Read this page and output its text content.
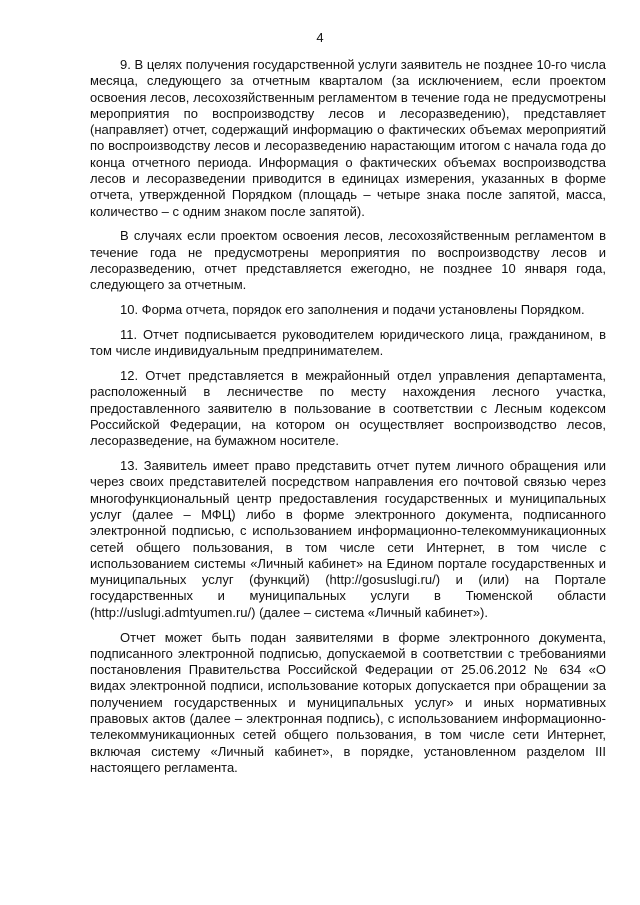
4

9. В целях получения государственной услуги заявитель не позднее 10-го числа месяца, следующего за отчетным кварталом (за исключением, если проектом освоения лесов, лесохозяйственным регламентом в течение года не предусмотрены мероприятия по воспроизводству лесов и лесоразведению), представляет (направляет) отчет, содержащий информацию о фактических объемах мероприятий по воспроизводству лесов и лесоразведению нарастающим итогом с начала года до конца отчетного периода. Информация о фактических объемах воспроизводства лесов и лесоразведении приводится в единицах измерения, указанных в форме отчета, утвержденной Порядком (площадь – четыре знака после запятой, масса, количество – с одним знаком после запятой).

В случаях если проектом освоения лесов, лесохозяйственным регламентом в течение года не предусмотрены мероприятия по воспроизводству лесов и лесоразведению, отчет представляется ежегодно, не позднее 10 января года, следующего за отчетным.

10. Форма отчета, порядок его заполнения и подачи установлены Порядком.

11. Отчет подписывается руководителем юридического лица, гражданином, в том числе индивидуальным предпринимателем.

12. Отчет представляется в межрайонный отдел управления департамента, расположенный в лесничестве по месту нахождения лесного участка, предоставленного заявителю в пользование в соответствии с Лесным кодексом Российской Федерации, на котором он осуществляет воспроизводство лесов, лесоразведение, на бумажном носителе.

13. Заявитель имеет право представить отчет путем личного обращения или через своих представителей посредством направления его почтовой связью через многофункциональный центр предоставления государственных и муниципальных услуг (далее – МФЦ) либо в форме электронного документа, подписанного электронной подписью, с использованием информационно-телекоммуникационных сетей общего пользования, в том числе сети Интернет, в том числе с использованием системы «Личный кабинет» на Едином портале государственных и муниципальных услуг (функций) (http://gosuslugi.ru/) и (или) на Портале государственных и муниципальных услуги в Тюменской области (http://uslugi.admtyumen.ru/) (далее – система «Личный кабинет»).

Отчет может быть подан заявителями в форме электронного документа, подписанного электронной подписью, допускаемой в соответствии с требованиями постановления Правительства Российской Федерации от 25.06.2012 № 634 «О видах электронной подписи, использование которых допускается при обращении за получением государственных и муниципальных услуг» и иных нормативных правовых актов (далее – электронная подпись), с использованием информационно-телекоммуникационных сетей общего пользования, в том числе сети Интернет, включая систему «Личный кабинет», в порядке, установленном разделом III настоящего регламента.
